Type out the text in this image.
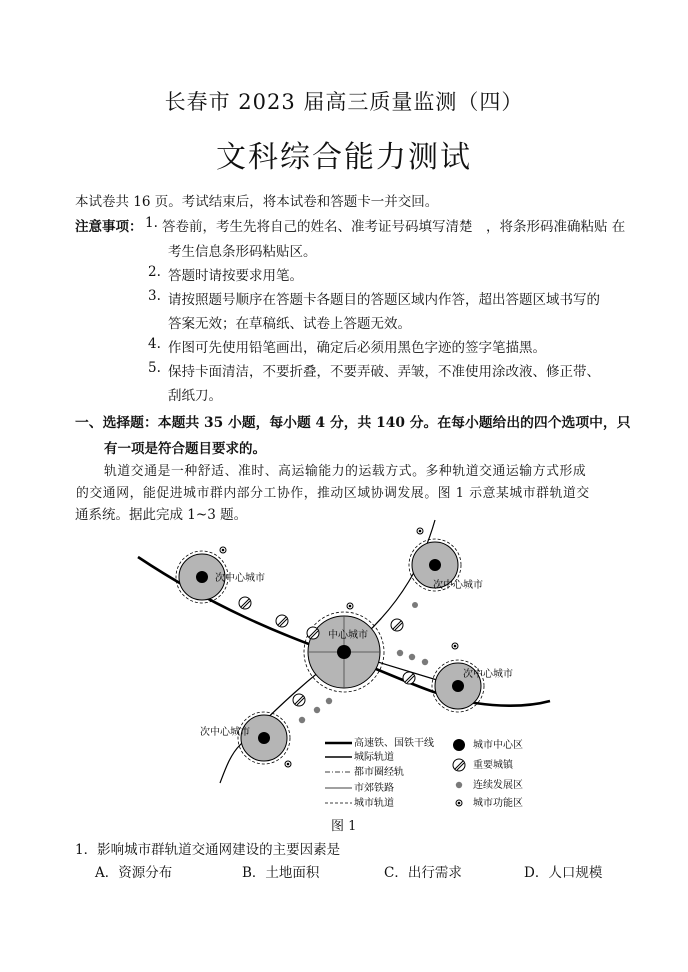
长春市 2023 届高三质量监测（四）
文科综合能力测试
本试卷共 16 页。考试结束后，将本试卷和答题卡一并交回。
注意事项： 1. 答卷前，考生先将自己的姓名、准考证号码填写清楚　，将条形码准确粘贴 在
考生信息条形码粘贴区。
2. 答题时请按要求用笔。
3. 请按照题号顺序在答题卡各题目的答题区域内作答，超出答题区域书写的
答案无效；在草稿纸、试卷上答题无效。
4. 作图可先使用铅笔画出，确定后必须用黑色字迹的签字笔描黑。
5. 保持卡面清洁，不要折叠，不要弄破、弄皱，不准使用涂改液、修正带、
刮纸刀。
一、选择题：本题共 35 小题，每小题 4 分，共 140 分。在每小题给出的四个选项中，只
有一项是符合题目要求的。
轨道交通是一种舒适、准时、高运输能力的运载方式。多种轨道交通运输方式形成
的交通网，能促进城市群内部分工协作，推动区域协调发展。图 1 示意某城市群轨道交
通系统。据此完成 1~3 题。
中心城市
次中心城市
次中心城市
次中心城市
次中心城市
高速铁、国铁干线
城际轨道
都市圈经轨
市郊铁路
城市轨道
城市中心区
重要城镇
连续发展区
城市功能区
图 1
1．影响城市群轨道交通网建设的主要因素是
A．资源分布	B．土地面积	C．出行需求	D．人口规模
